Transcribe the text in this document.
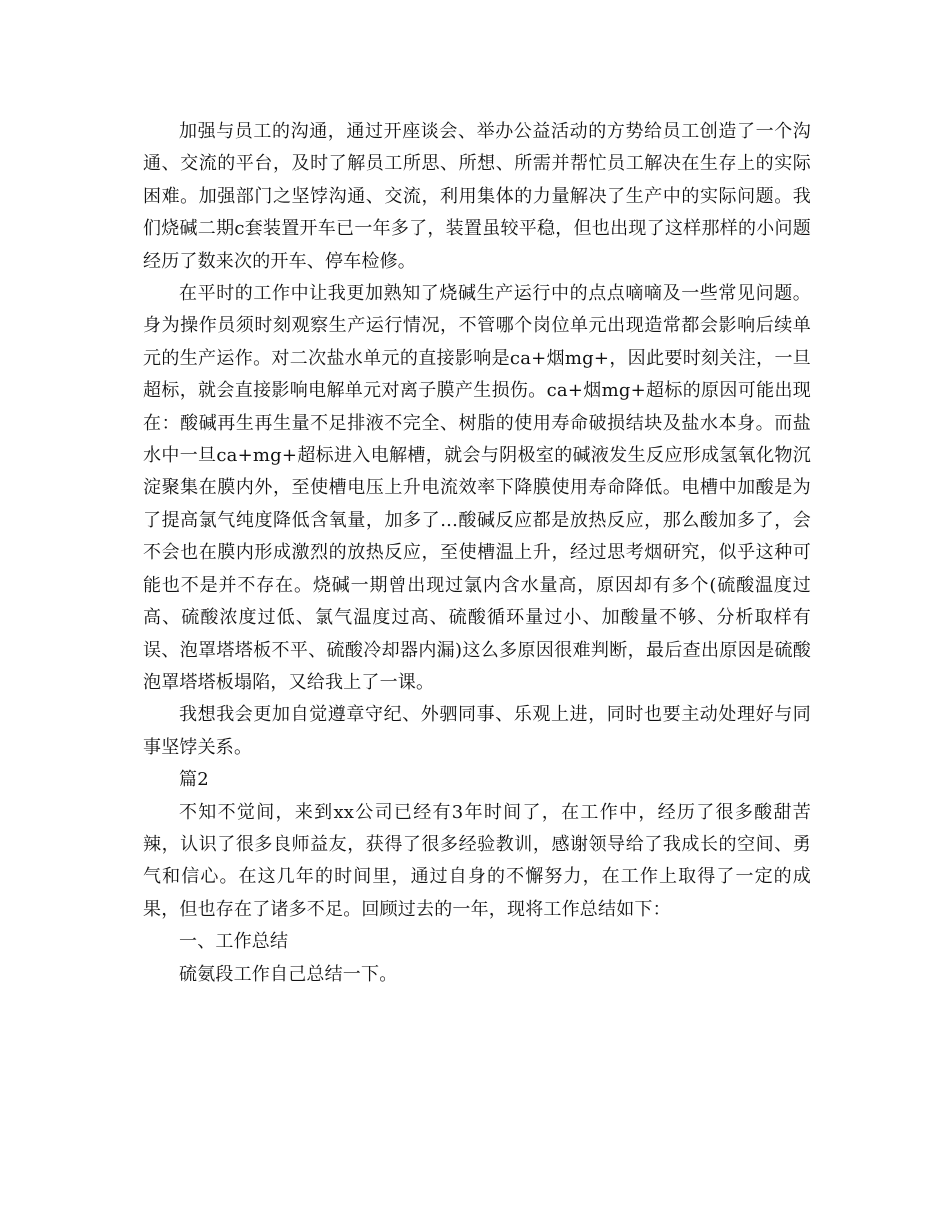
加强与员工的沟通，通过开座谈会、举办公益活动的方势给员工创造了一个沟通、交流的平台，及时了解员工所思、所想、所需并帮忙员工解决在生存上的实际困难。加强部门之坚饽沟通、交流，利用集体的力量解决了生产中的实际问题。我们烧碱二期c套装置开车已一年多了，装置虽较平稳，但也出现了这样那样的小问题经历了数来次的开车、停车检修。

在平时的工作中让我更加熟知了烧碱生产运行中的点点嘀嘀及一些常见问题。身为操作员须时刻观察生产运行情况，不管哪个岗位单元出现造常都会影响后续单元的生产运作。对二次盐水单元的直接影响是ca+烟mg+，因此要时刻关注，一旦超标，就会直接影响电解单元对离子膜产生损伤。ca+烟mg+超标的原因可能出现在：酸碱再生再生量不足排液不完全、树脂的使用寿命破损结块及盐水本身。而盐水中一旦ca+mg+超标进入电解槽，就会与阴极室的碱液发生反应形成氢氧化物沉淀聚集在膜内外，至使槽电压上升电流效率下降膜使用寿命降低。电槽中加酸是为了提高氯气纯度降低含氧量，加多了...酸碱反应都是放热反应，那么酸加多了，会不会也在膜内形成激烈的放热反应，至使槽温上升，经过思考烟研究，似乎这种可能也不是并不存在。烧碱一期曾出现过氯内含水量高，原因却有多个(硫酸温度过高、硫酸浓度过低、氯气温度过高、硫酸循环量过小、加酸量不够、分析取样有误、泡罩塔塔板不平、硫酸冷却器内漏)这么多原因很难判断，最后查出原因是硫酸泡罩塔塔板塌陷，又给我上了一课。

我想我会更加自觉遵章守纪、外驷同事、乐观上进，同时也要主动处理好与同事坚饽关系。

篇2

不知不觉间，来到xx公司已经有3年时间了，在工作中，经历了很多酸甜苦辣，认识了很多良师益友，获得了很多经验教训，感谢领导给了我成长的空间、勇气和信心。在这几年的时间里，通过自身的不懈努力，在工作上取得了一定的成果，但也存在了诸多不足。回顾过去的一年，现将工作总结如下：

一、工作总结

硫氨段工作自己总结一下。
